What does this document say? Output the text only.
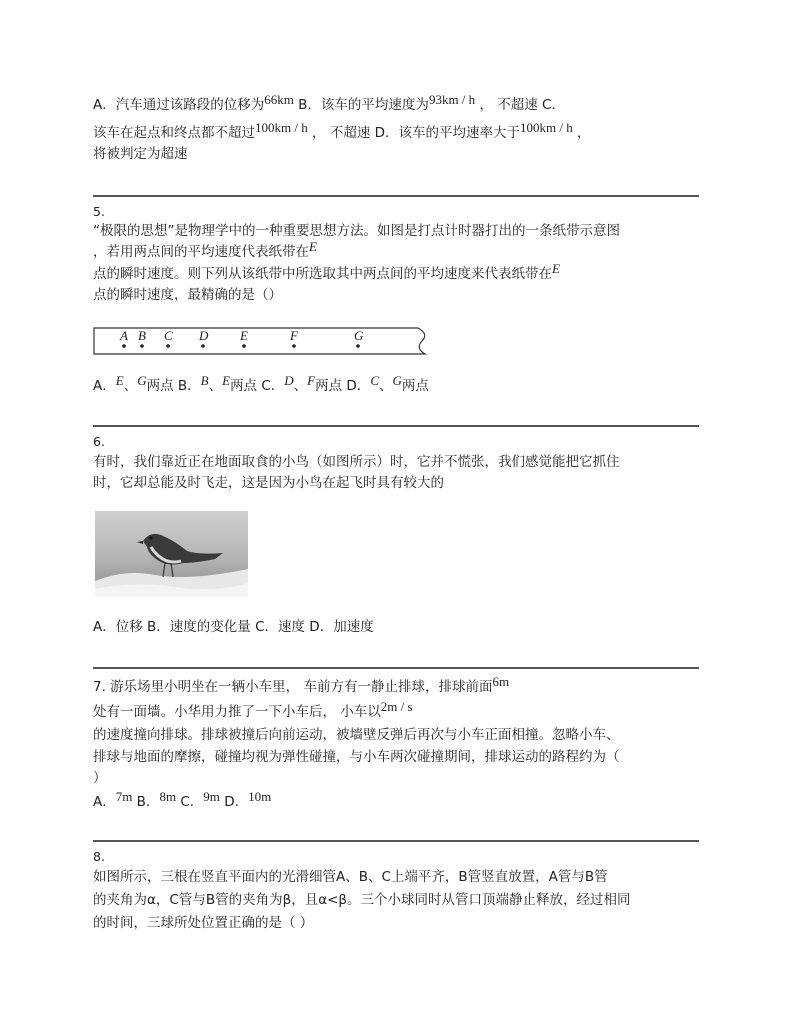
A．汽车通过该路段的位移为66km B．该车的平均速度为93km / h ， 不超速 C．
该车在起点和终点都不超过100km / h ， 不超速 D．该车的平均速率大于100km / h ，
将被判定为超速
5.
“极限的思想”是物理学中的一种重要思想方法。如图是打点计时器打出的一条纸带示意图
，若用两点间的平均速度代表纸带在E
点的瞬时速度。则下列从该纸带中所选取其中两点间的平均速度来代表纸带在E
点的瞬时速度，最精确的是（）
A B C D E	F	G
A．E、G两点 B．B、E两点 C．D、F两点 D．C、G两点
6.
有时，我们靠近正在地面取食的小鸟（如图所示）时，它并不慌张，我们感觉能把它抓住
时，它却总能及时飞走，这是因为小鸟在起飞时具有较大的
A．位移 B．速度的变化量 C．速度 D．加速度
7. 游乐场里小明坐在一辆小车里， 车前方有一静止排球，排球前面6m
处有一面墙。小华用力推了一下小车后， 小车以2m / s
的速度撞向排球。排球被撞后向前运动，被墙壁反弹后再次与小车正面相撞。忽略小车、
排球与地面的摩擦，碰撞均视为弹性碰撞，与小车两次碰撞期间，排球运动的路程约为（
）
A．7m B．8m C．9m D．10m
8.
如图所示，三根在竖直平面内的光滑细管A、B、C上端平齐，B管竖直放置，A管与B管
的夹角为α，C管与B管的夹角为β，且α<β。三个小球同时从管口顶端静止释放，经过相同
的时间，三球所处位置正确的是（ ）
